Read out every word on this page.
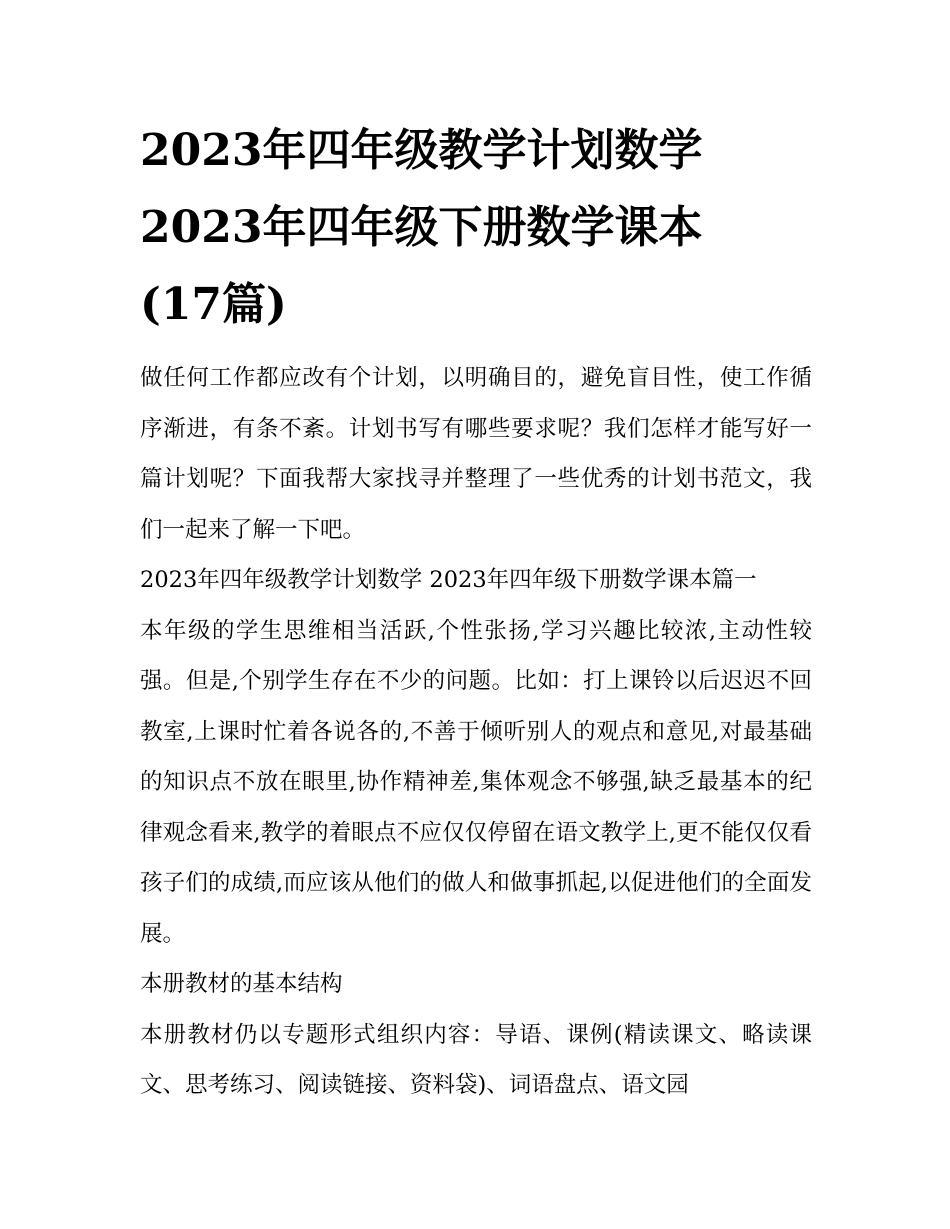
2023年四年级教学计划数学
2023年四年级下册数学课本
(17篇)

做任何工作都应改有个计划，以明确目的，避免盲目性，使工作循序渐进，有条不紊。计划书写有哪些要求呢？我们怎样才能写好一篇计划呢？下面我帮大家找寻并整理了一些优秀的计划书范文，我们一起来了解一下吧。

2023年四年级教学计划数学 2023年四年级下册数学课本篇一

本年级的学生思维相当活跃,个性张扬,学习兴趣比较浓,主动性较强。但是,个别学生存在不少的问题。比如：打上课铃以后迟迟不回教室,上课时忙着各说各的,不善于倾听别人的观点和意见,对最基础的知识点不放在眼里,协作精神差,集体观念不够强,缺乏最基本的纪律观念看来,教学的着眼点不应仅仅停留在语文教学上,更不能仅仅看孩子们的成绩,而应该从他们的做人和做事抓起,以促进他们的全面发展。

本册教材的基本结构

本册教材仍以专题形式组织内容：导语、课例(精读课文、略读课文、思考练习、阅读链接、资料袋)、词语盘点、语文园
